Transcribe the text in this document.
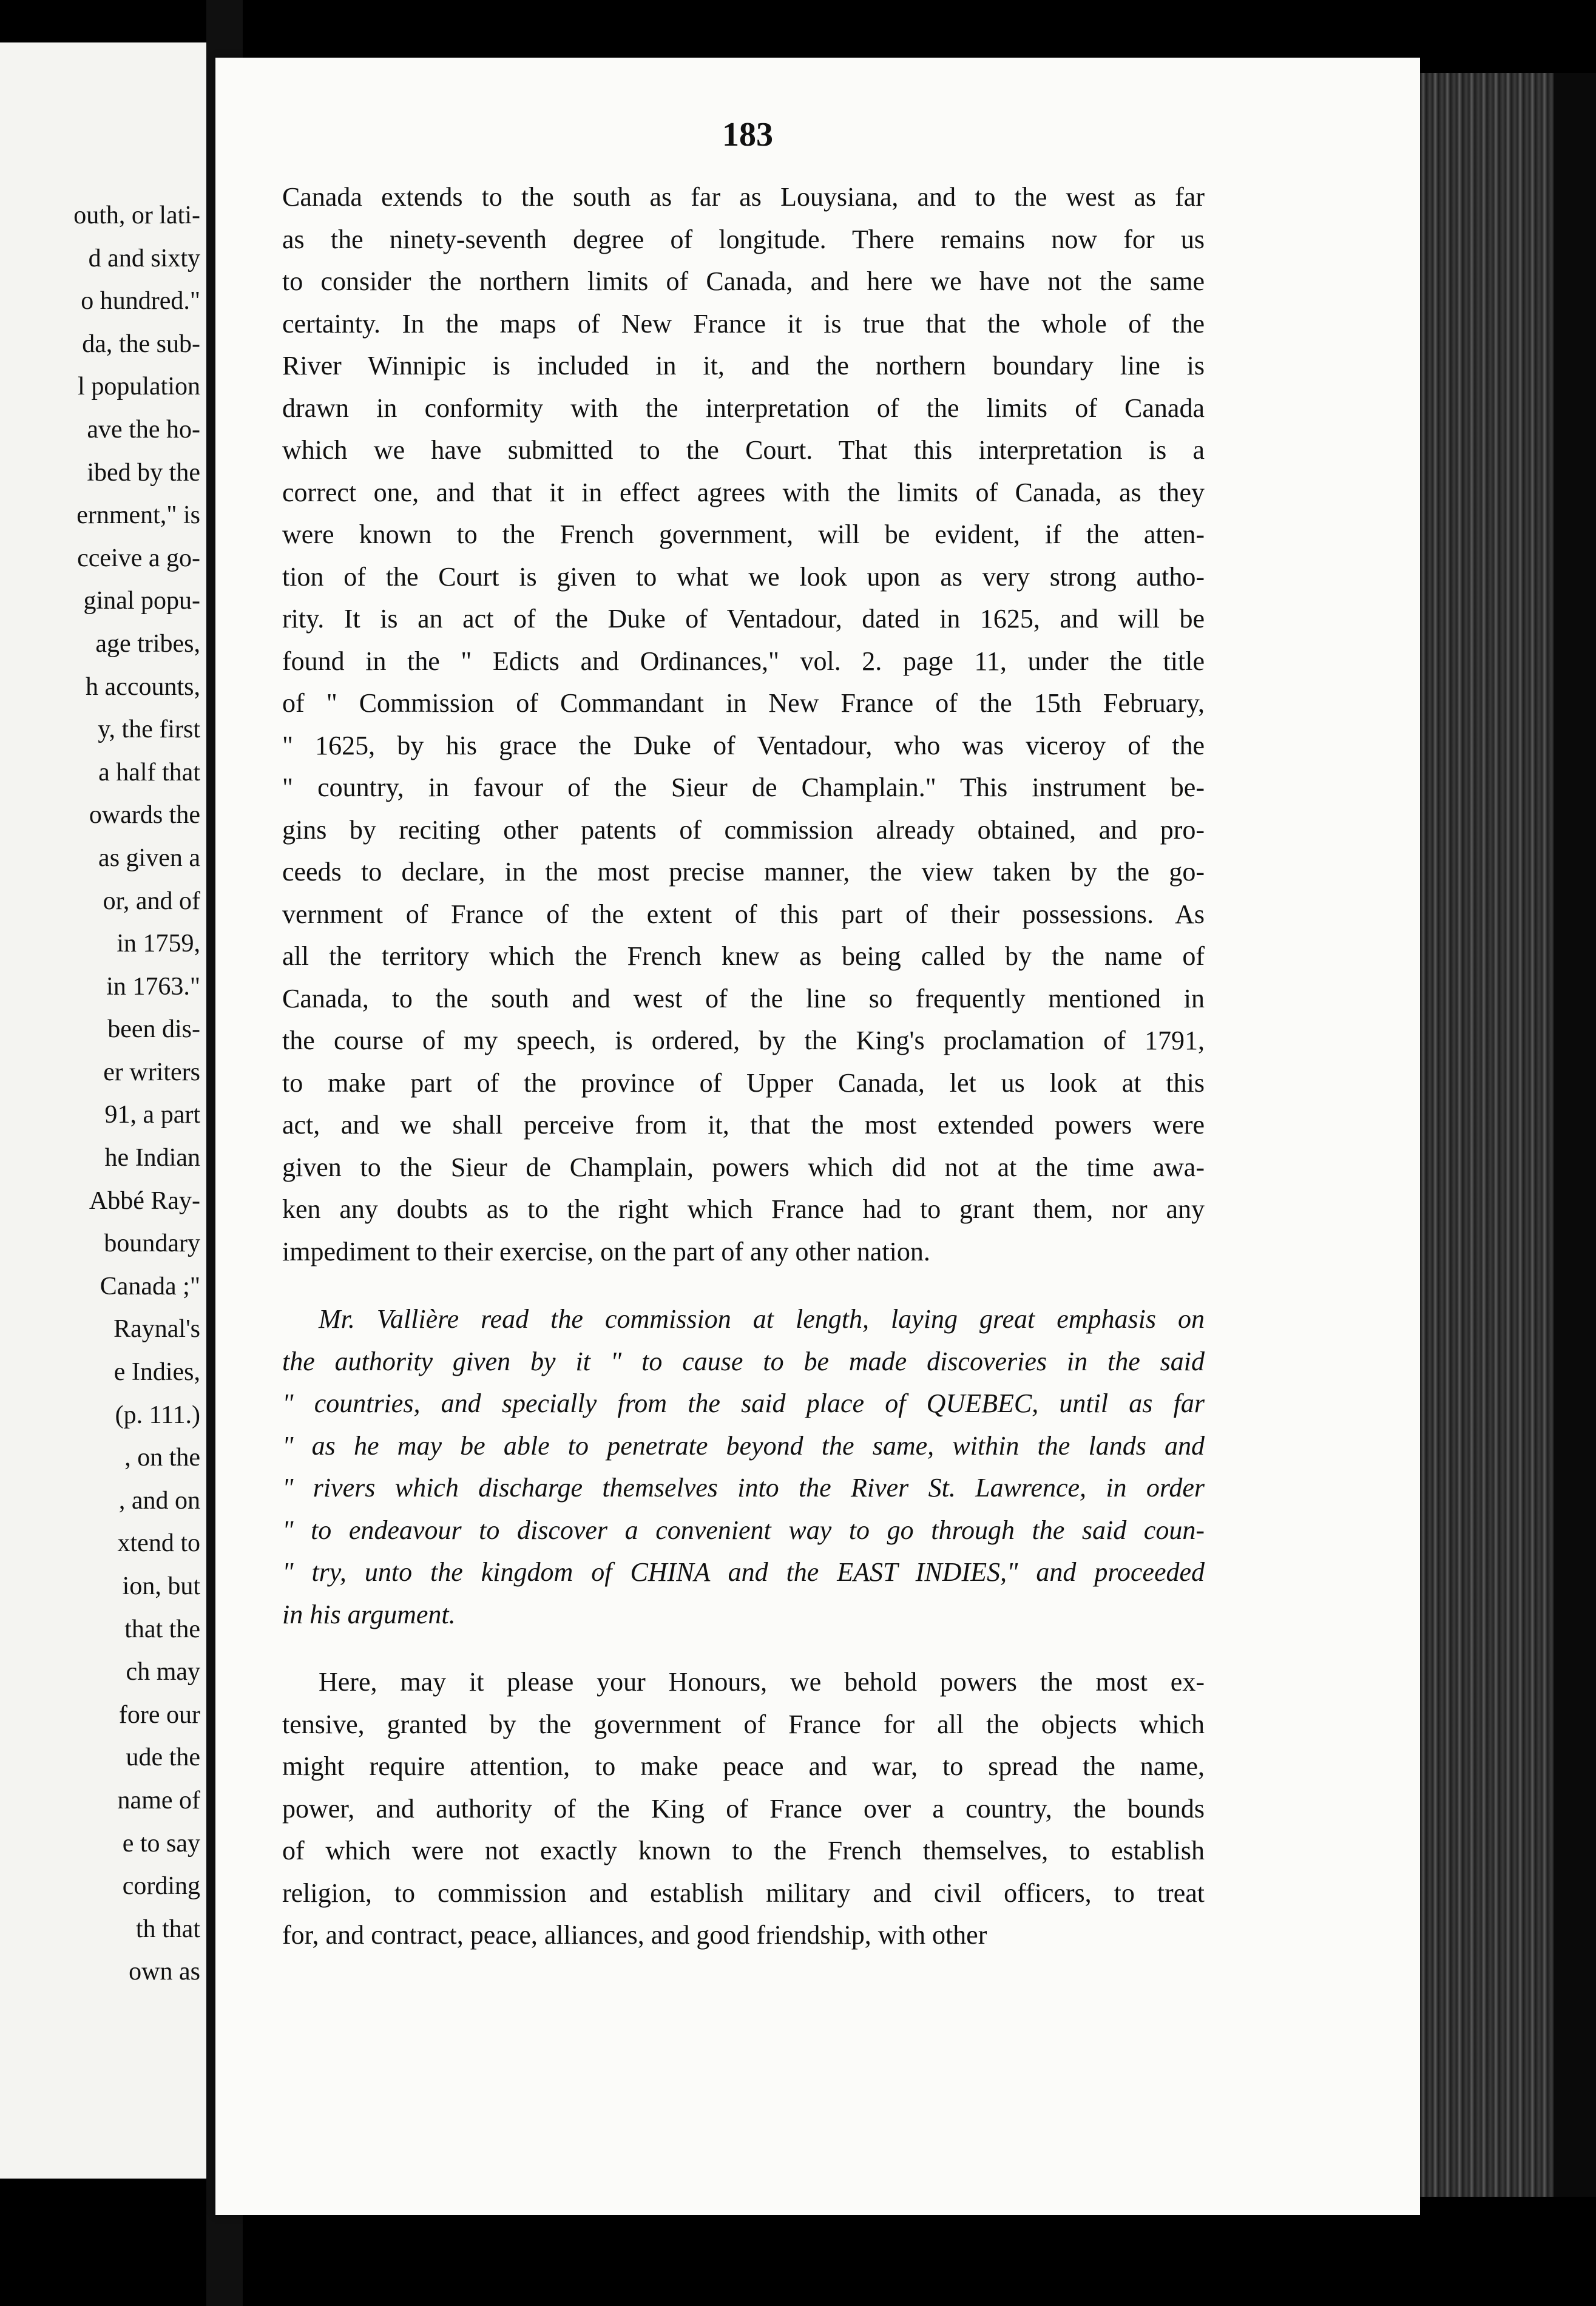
outh, or lati-
d and sixty
o hundred."
da, the sub-
l population
ave the ho-
ibed by the
ernment," is
cceive a go-
ginal popu-
age tribes,
h accounts,
y, the first
a half that
owards the
as given a
or, and of
in 1759,
in 1763."
been dis-
er writers
91, a part
he Indian
Abbé Ray-
boundary
Canada ;"
Raynal's
e Indies,
(p. 111.)
, on the
, and on
xtend to
ion, but
that the
ch may
fore our
ude the
name of
e to say
cording
th that
own as
183
Canada extends to the south as far as Louysiana, and to the west as far
as the ninety-seventh degree of longitude. There remains now for us
to consider the northern limits of Canada, and here we have not the same
certainty. In the maps of New France it is true that the whole of the
River Winnipic is included in it, and the northern boundary line is
drawn in conformity with the interpretation of the limits of Canada
which we have submitted to the Court. That this interpretation is a
correct one, and that it in effect agrees with the limits of Canada, as they
were known to the French government, will be evident, if the atten-
tion of the Court is given to what we look upon as very strong autho-
rity. It is an act of the Duke of Ventadour, dated in 1625, and will be
found in the " Edicts and Ordinances," vol. 2. page 11, under the title
of " Commission of Commandant in New France of the 15th February,
" 1625, by his grace the Duke of Ventadour, who was viceroy of the
" country, in favour of the Sieur de Champlain." This instrument be-
gins by reciting other patents of commission already obtained, and pro-
ceeds to declare, in the most precise manner, the view taken by the go-
vernment of France of the extent of this part of their possessions. As
all the territory which the French knew as being called by the name of
Canada, to the south and west of the line so frequently mentioned in
the course of my speech, is ordered, by the King's proclamation of 1791,
to make part of the province of Upper Canada, let us look at this
act, and we shall perceive from it, that the most extended powers were
given to the Sieur de Champlain, powers which did not at the time awa-
ken any doubts as to the right which France had to grant them, nor any
impediment to their exercise, on the part of any other nation.
Mr. Vallière read the commission at length, laying great emphasis on
the authority given by it " to cause to be made discoveries in the said
" countries, and specially from the said place of QUEBEC, until as far
" as he may be able to penetrate beyond the same, within the lands and
" rivers which discharge themselves into the River St. Lawrence, in order
" to endeavour to discover a convenient way to go through the said coun-
" try, unto the kingdom of CHINA and the EAST INDIES," and proceeded
in his argument.
Here, may it please your Honours, we behold powers the most ex-
tensive, granted by the government of France for all the objects which
might require attention, to make peace and war, to spread the name,
power, and authority of the King of France over a country, the bounds
of which were not exactly known to the French themselves, to establish
religion, to commission and establish military and civil officers, to treat
for, and contract, peace, alliances, and good friendship, with other
